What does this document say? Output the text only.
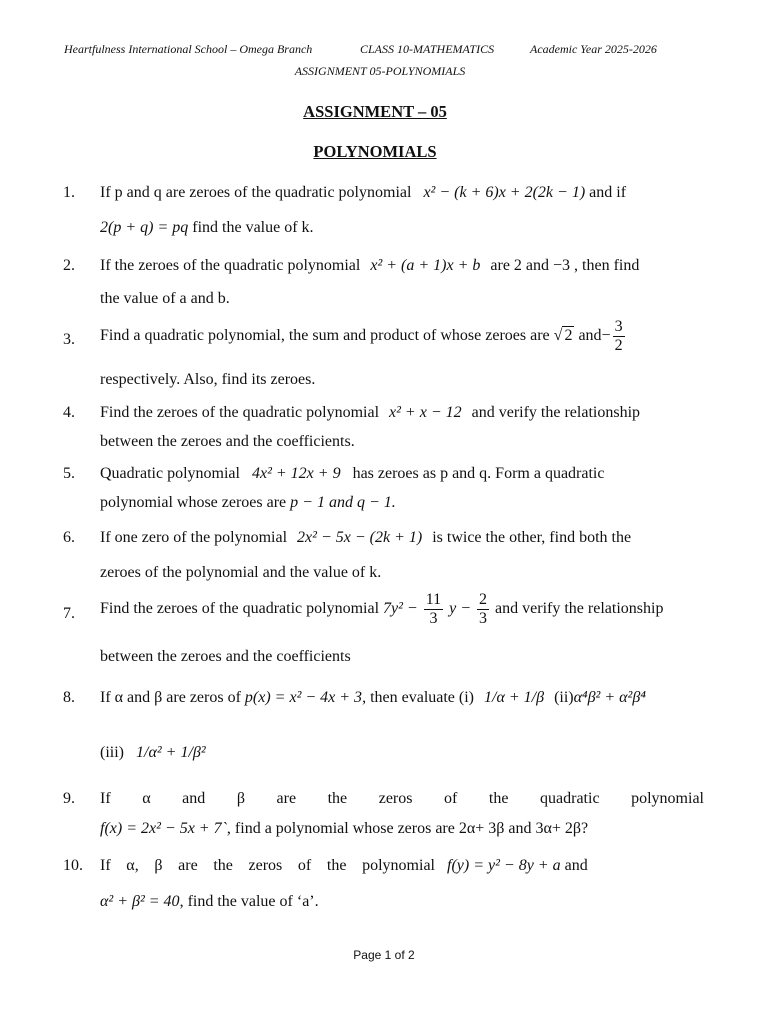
Heartfulness International School – Omega Branch	CLASS 10-MATHEMATICS	Academic Year 2025-2026
ASSIGNMENT 05-POLYNOMIALS
ASSIGNMENT – 05
POLYNOMIALS
1. If p and q are zeroes of the quadratic polynomial x² − (k + 6)x + 2(2k − 1) and if
2(p + q) = pq find the value of k.
2. If the zeroes of the quadratic polynomial x² + (a + 1)x + b are 2 and −3 , then find
the value of a and b.
3. Find a quadratic polynomial, the sum and product of whose zeroes are √ 2 $and- \frac{3}{2}$
respectively. Also, find its zeroes.
4. Find the zeroes of the quadratic polynomial x² + x − 12 and verify the relationship
between the zeroes and the coefficients.
5. Quadratic polynomial 4x² + 12x + 9 has zeroes as p and q. Form a quadratic
polynomial whose zeroes are p − 1 and q − 1.
6. If one zero of the polynomial 2x² − 5x − (2k + 1) is twice the other, find both the
zeroes of the polynomial and the value of k.
7. Find the zeroes of the quadratic polynomial $7y^2 - \frac{11}{3}$ $y - \frac{2}{3}$ and verify the relationship
between the zeroes and the coefficients
8. If α and β are zeros of p(x) = x² − 4x + 3, then evaluate (i) 1/α + 1/β (ii)α⁴β² + α²β⁴
(iii) 1/α² + 1/β²
9. If α and β are the zeros of the quadratic polynomial
f(x) = 2x² − 5x + 7`, find a polynomial whose zeros are 2α+ 3β and 3α+ 2β?
10. If α, β are the zeros of the polynomial f(y) = y² − 8y + a and
α² + β² = 40, find the value of ‘a’.
Page 1 of 2
